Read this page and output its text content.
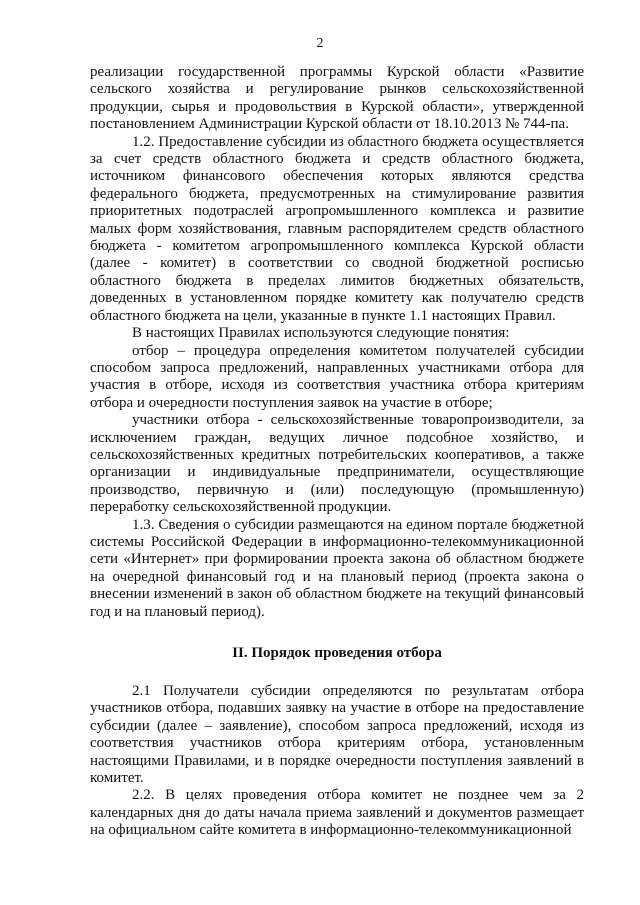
2

реализации государственной программы Курской области «Развитие сельского хозяйства и регулирование рынков сельскохозяйственной продукции, сырья и продовольствия в Курской области», утвержденной постановлением Администрации Курской области от 18.10.2013 № 744-па.

1.2. Предоставление субсидии из областного бюджета осуществляется за счет средств областного бюджета и средств областного бюджета, источником финансового обеспечения которых являются средства федерального бюджета, предусмотренных на стимулирование развития приоритетных подотраслей агропромышленного комплекса и развитие малых форм хозяйствования, главным распорядителем средств областного бюджета - комитетом агропромышленного комплекса Курской области (далее - комитет) в соответствии со сводной бюджетной росписью областного бюджета в пределах лимитов бюджетных обязательств, доведенных в установленном порядке комитету как получателю средств областного бюджета на цели, указанные в пункте 1.1 настоящих Правил.

В настоящих Правилах используются следующие понятия:

отбор – процедура определения комитетом получателей субсидии способом запроса предложений, направленных участниками отбора для участия в отборе, исходя из соответствия участника отбора критериям отбора и очередности поступления заявок на участие в отборе;

участники отбора - сельскохозяйственные товаропроизводители, за исключением граждан, ведущих личное подсобное хозяйство, и сельскохозяйственных кредитных потребительских кооперативов, а также организации и индивидуальные предприниматели, осуществляющие производство, первичную и (или) последующую (промышленную) переработку сельскохозяйственной продукции.

1.3. Сведения о субсидии размещаются на едином портале бюджетной системы Российской Федерации в информационно-телекоммуникационной сети «Интернет» при формировании проекта закона об областном бюджете на очередной финансовый год и на плановый период (проекта закона о внесении изменений в закон об областном бюджете на текущий финансовый год и на плановый период).

II. Порядок проведения отбора

2.1 Получатели субсидии определяются по результатам отбора участников отбора, подавших заявку на участие в отборе на предоставление субсидии (далее – заявление), способом запроса предложений, исходя из соответствия участников отбора критериям отбора, установленным настоящими Правилами, и в порядке очередности поступления заявлений в комитет.

2.2. В целях проведения отбора комитет не позднее чем за 2 календарных дня до даты начала приема заявлений и документов размещает на официальном сайте комитета в информационно-телекоммуникационной
